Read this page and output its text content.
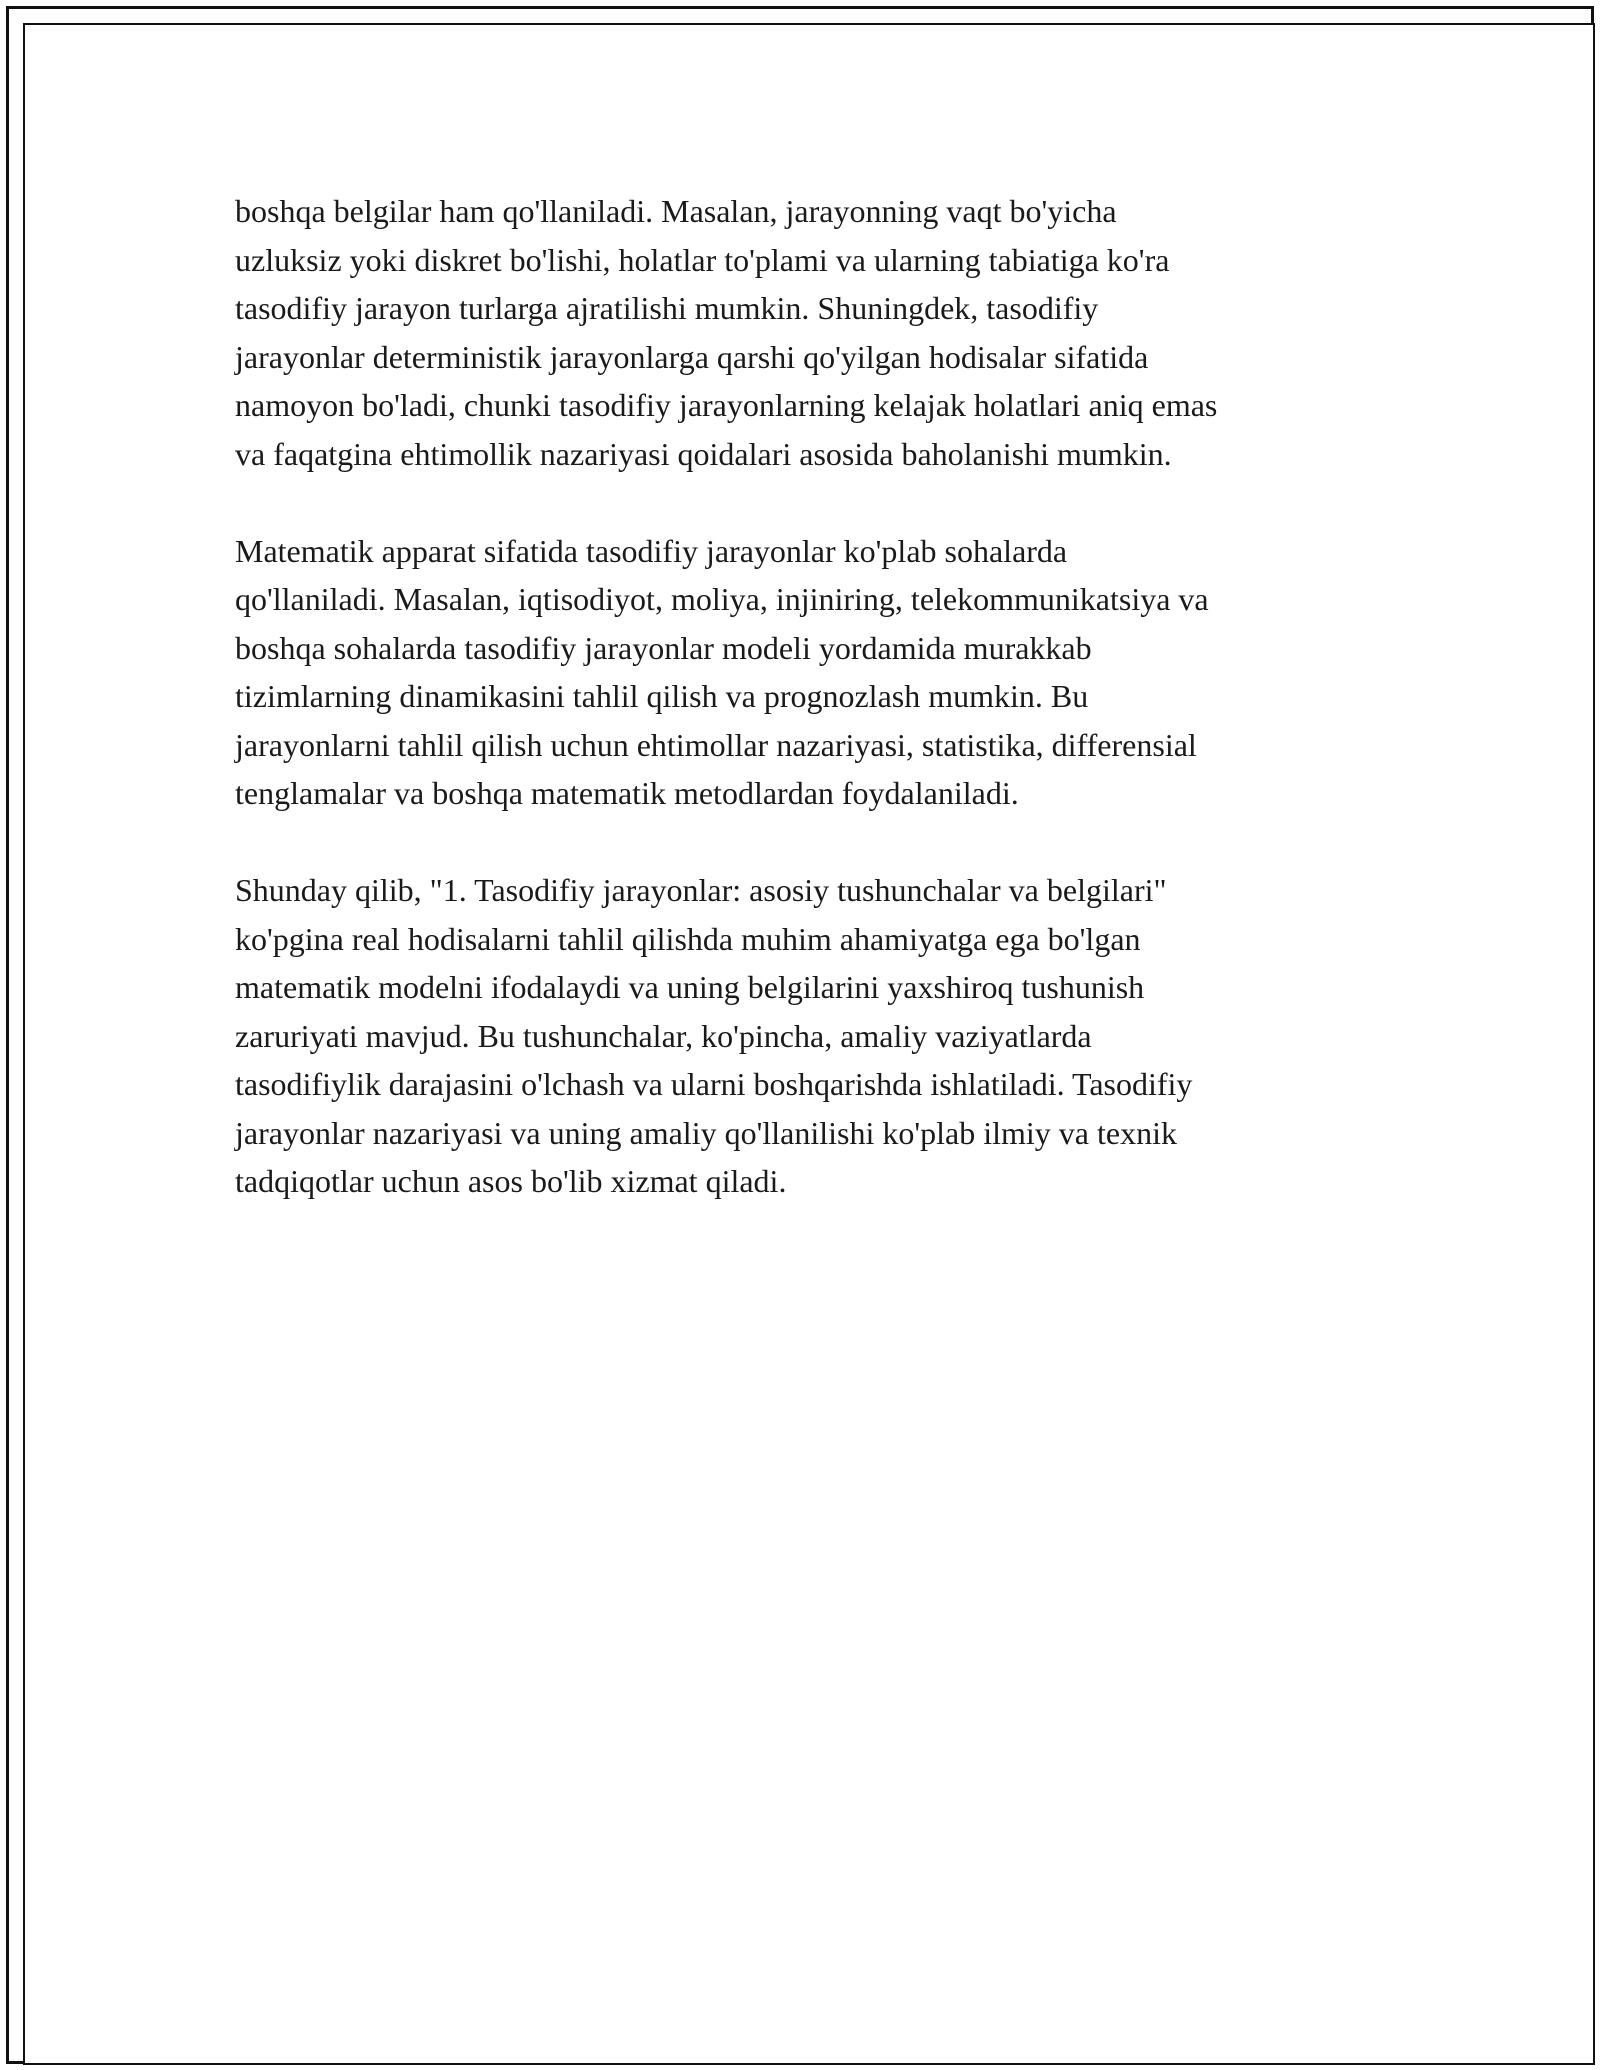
boshqa belgilar ham qo'llaniladi. Masalan, jarayonning vaqt bo'yicha
uzluksiz yoki diskret bo'lishi, holatlar to'plami va ularning tabiatiga ko'ra
tasodifiy jarayon turlarga ajratilishi mumkin. Shuningdek, tasodifiy
jarayonlar deterministik jarayonlarga qarshi qo'yilgan hodisalar sifatida
namoyon bo'ladi, chunki tasodifiy jarayonlarning kelajak holatlari aniq emas
va faqatgina ehtimollik nazariyasi qoidalari asosida baholanishi mumkin.

Matematik apparat sifatida tasodifiy jarayonlar ko'plab sohalarda
qo'llaniladi. Masalan, iqtisodiyot, moliya, injiniring, telekommunikatsiya va
boshqa sohalarda tasodifiy jarayonlar modeli yordamida murakkab
tizimlarning dinamikasini tahlil qilish va prognozlash mumkin. Bu
jarayonlarni tahlil qilish uchun ehtimollar nazariyasi, statistika, differensial
tenglamalar va boshqa matematik metodlardan foydalaniladi.

Shunday qilib, "1. Tasodifiy jarayonlar: asosiy tushunchalar va belgilari"
ko'pgina real hodisalarni tahlil qilishda muhim ahamiyatga ega bo'lgan
matematik modelni ifodalaydi va uning belgilarini yaxshiroq tushunish
zaruriyati mavjud. Bu tushunchalar, ko'pincha, amaliy vaziyatlarda
tasodifiylik darajasini o'lchash va ularni boshqarishda ishlatiladi. Tasodifiy
jarayonlar nazariyasi va uning amaliy qo'llanilishi ko'plab ilmiy va texnik
tadqiqotlar uchun asos bo'lib xizmat qiladi.
